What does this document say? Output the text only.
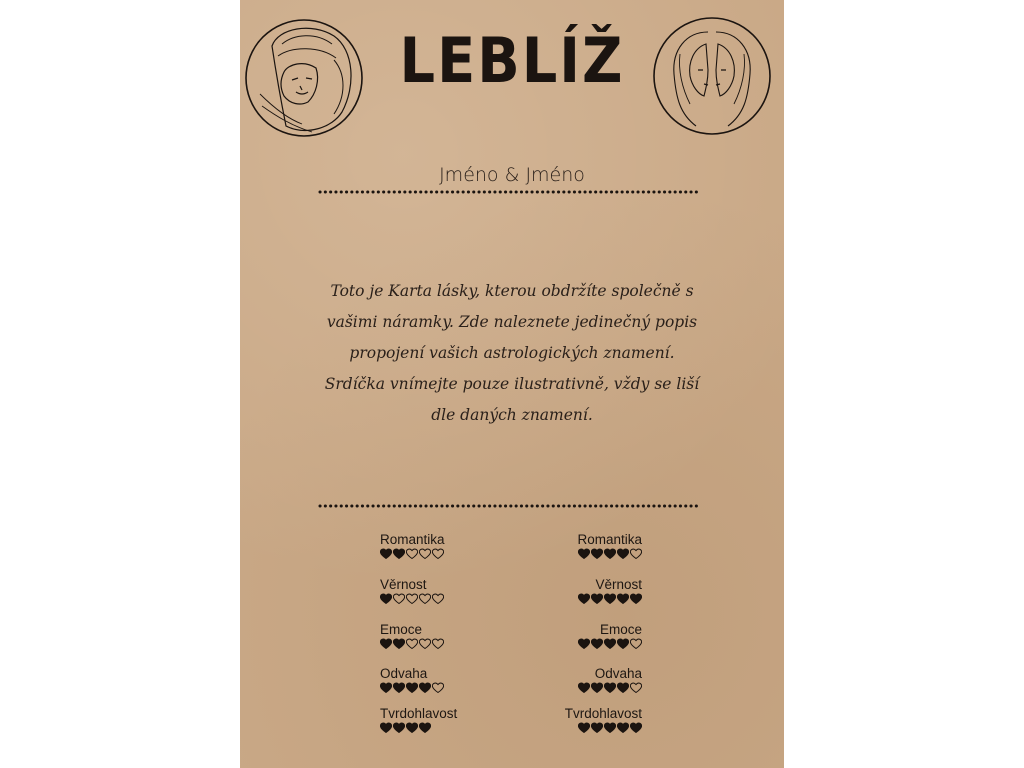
LEBLÍŽ
Jméno & Jméno
Toto je Karta lásky, kterou obdržíte společně s vašimi náramky. Zde naleznete jedinečný popis propojení vašich astrologických znamení. Srdíčka vnímejte pouze ilustrativně, vždy se liší dle daných znamení.
Romantika
Věrnost
Emoce
Odvaha
Tvrdohlavost
Romantika
Věrnost
Emoce
Odvaha
Tvrdohlavost
